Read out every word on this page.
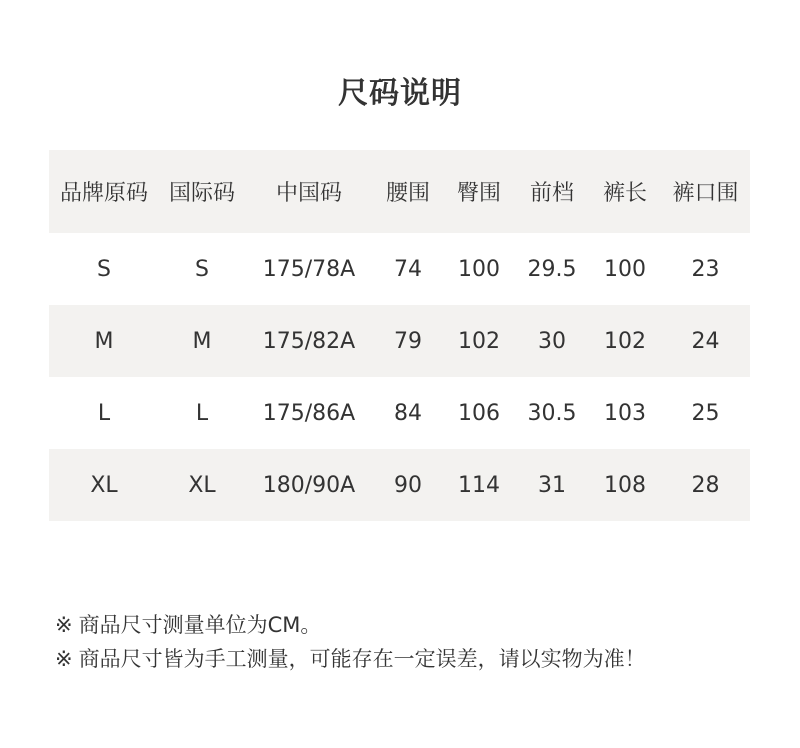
尺码说明
品牌原码	国际码	中国码	腰围	臀围	前档	裤长	裤口围
S	S	175/78A	74	100	29.5	100	23
M	M	175/82A	79	102	30	102	24
L	L	175/86A	84	106	30.5	103	25
XL	XL	180/90A	90	114	31	108	28
※ 商品尺寸测量单位为CM。
※ 商品尺寸皆为手工测量，可能存在一定误差，请以实物为准！
